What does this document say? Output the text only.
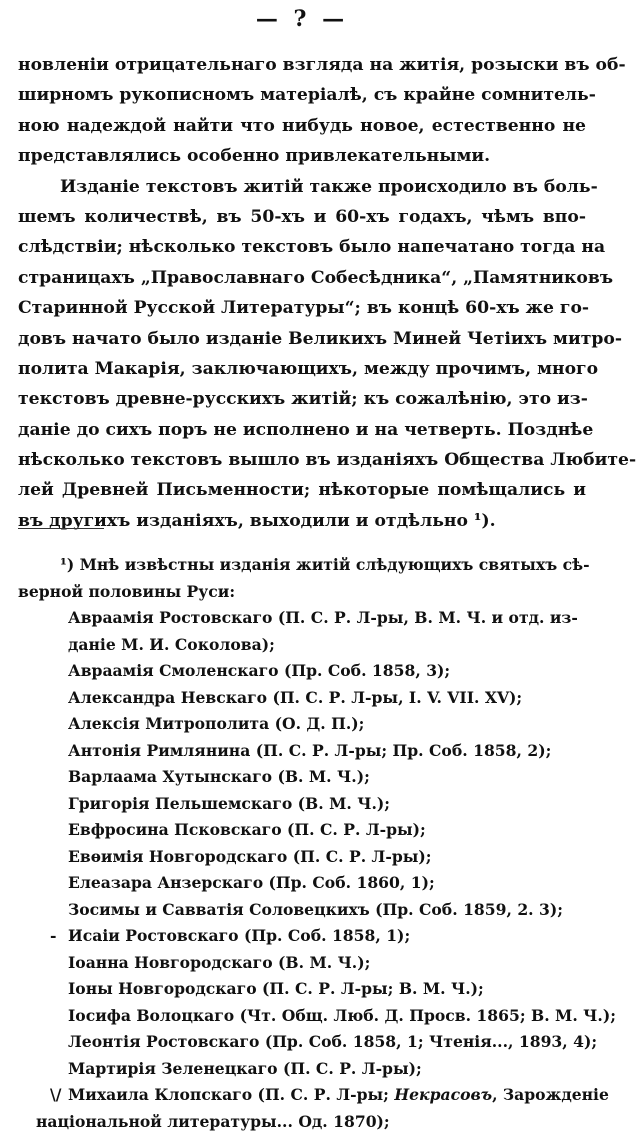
— ? —
новленіи отрицательнаго взгляда на житія, розыски въ об-
ширномъ рукописномъ матеріалѣ, съ крайне сомнитель-
ною надеждой найти что нибудь новое, естественно не
представлялись особенно привлекательными.
Изданіе текстовъ житій также происходило въ боль-
шемъ количествѣ, въ 50-хъ и 60-хъ годахъ, чѣмъ впо-
слѣдствіи; нѣсколько текстовъ было напечатано тогда на
страницахъ „Православнаго Собесѣдника“, „Памятниковъ
Старинной Русской Литературы“; въ концѣ 60-хъ же го-
довъ начато было изданіе Великихъ Миней Четіихъ митро-
полита Макарія, заключающихъ, между прочимъ, много
текстовъ древне-русскихъ житій; къ сожалѣнію, это из-
даніе до сихъ поръ не исполнено и на четверть. Позднѣе
нѣсколько текстовъ вышло въ изданіяхъ Общества Любите-
лей Древней Письменности; нѣкоторые помѣщались и
въ другихъ изданіяхъ, выходили и отдѣльно ¹).
¹) Мнѣ извѣстны изданія житій слѣдующихъ святыхъ сѣ-
верной половины Руси:
Авраамія Ростовскаго (П. С. Р. Л-ры, В. М. Ч. и отд. из-
даніе М. И. Соколова);
Авраамія Смоленскаго (Пр. Соб. 1858, 3);
Александра Невскаго (П. С. Р. Л-ры, I. V. VII. XV);
Алексія Митрополита (О. Д. П.);
Антонія Римлянина (П. С. Р. Л-ры; Пр. Соб. 1858, 2);
Варлаама Хутынскаго (В. М. Ч.);
Григорія Пельшемскаго (В. М. Ч.);
Евфросина Псковскаго (П. С. Р. Л-ры);
Евѳимія Новгородскаго (П. С. Р. Л-ры);
Елеазара Анзерскаго (Пр. Соб. 1860, 1);
Зосимы и Савватія Соловецкихъ (Пр. Соб. 1859, 2. 3);
- Исаіи Ростовскаго (Пр. Соб. 1858, 1);
Іоанна Новгородскаго (В. М. Ч.);
Іоны Новгородскаго (П. С. Р. Л-ры; В. М. Ч.);
Іосифа Волоцкаго (Чт. Общ. Люб. Д. Просв. 1865; В. М. Ч.);
Леонтія Ростовскаго (Пр. Соб. 1858, 1; Чтенія..., 1893, 4);
Мартирія Зеленецкаго (П. С. Р. Л-ры);
\/ Михаила Клопскаго (П. С. Р. Л-ры; Некрасовъ, Зарожденіе
національной литературы... Од. 1870);
